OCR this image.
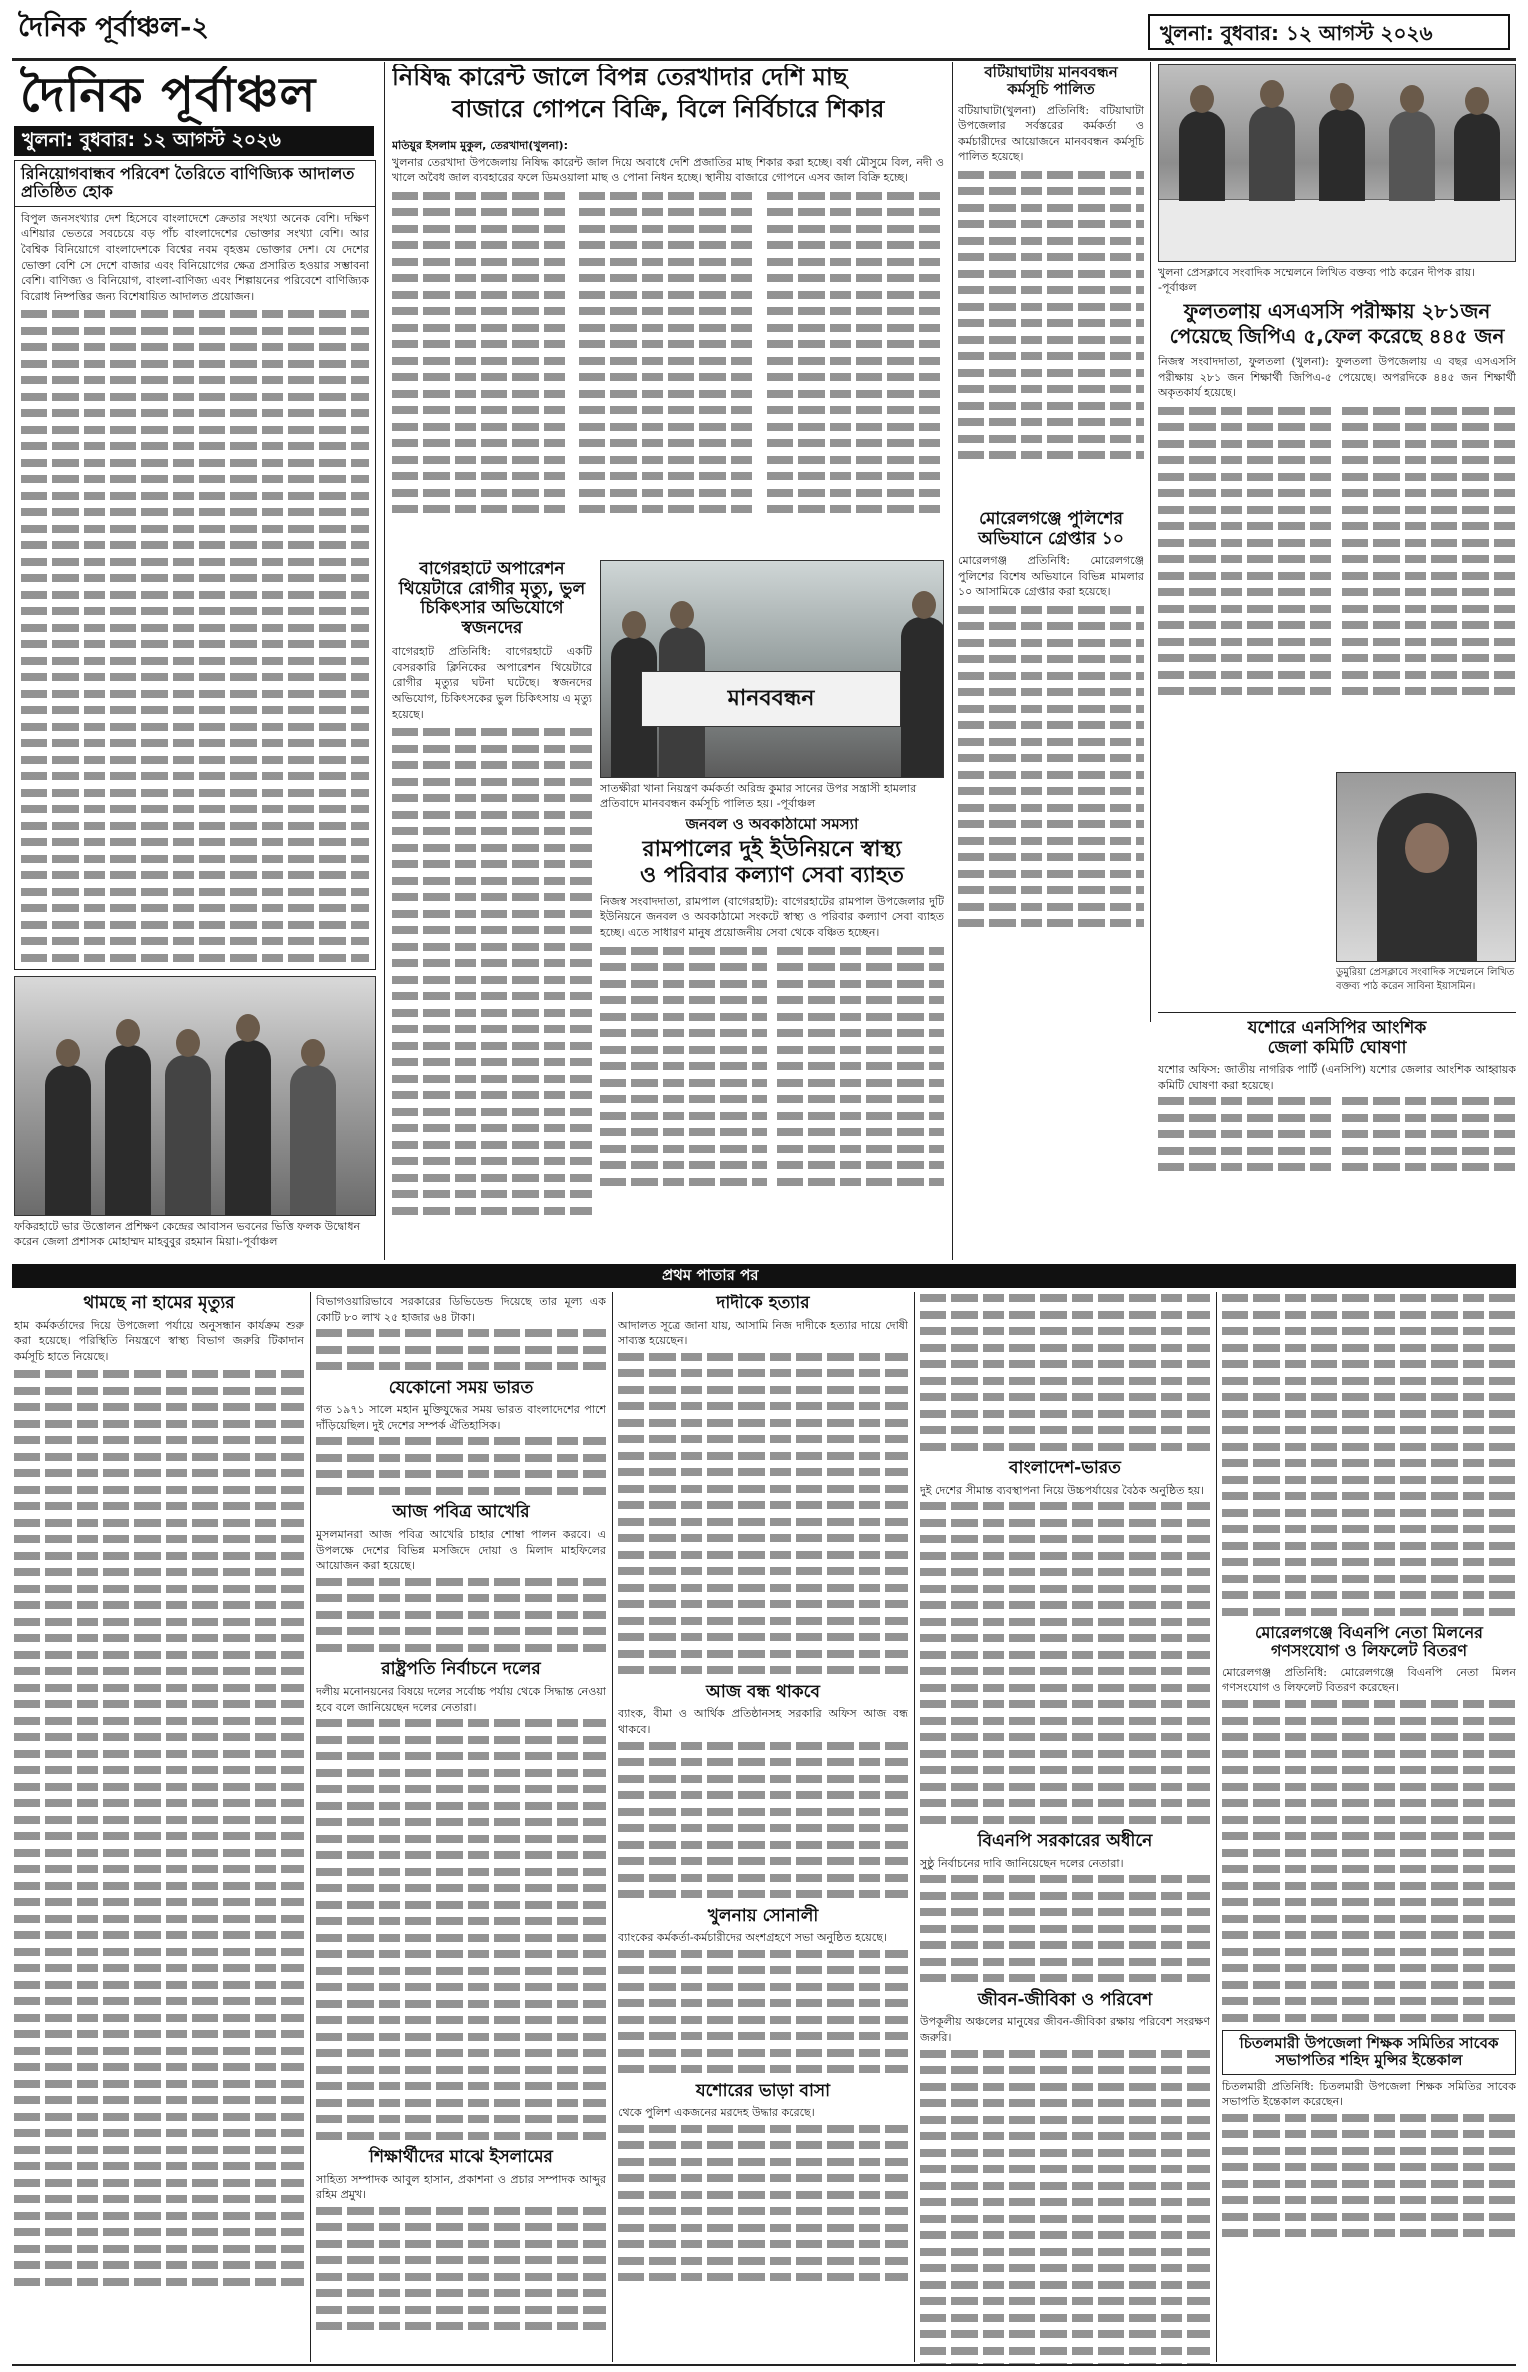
দৈনিক পূর্বাঞ্চল-২	খুলনা: বুধবার: ১২ আগস্ট ২০২৬
দৈনিক পূর্বাঞ্চল
খুলনা: বুধবার: ১২ আগস্ট ২০২৬
রিনিয়োগবান্ধব পরিবেশ তৈরিতে বাণিজ্যিক আদালত প্রতিষ্ঠিত হোক
বিপুল জনসংখ্যার দেশ হিসেবে বাংলাদেশে ক্রেতার সংখ্যা অনেক বেশি। দক্ষিণ এশিয়ার ভেতরে সবচেয়ে বড় পাঁচ বাংলাদেশের ভোক্তার সংখ্যা বেশি। আর বৈশ্বিক বিনিয়োগে বাংলাদেশকে বিশ্বের নবম বৃহত্তম ভোক্তার দেশ। যে দেশের ভোক্তা বেশি সে দেশে বাজার এবং বিনিয়োগের ক্ষেত্র প্রসারিত হওয়ার সম্ভাবনা বেশি। বাণিজ্য ও বিনিয়োগ, বাংলা-বাণিজ্য এবং শিল্পায়নের পরিবেশে বাণিজ্যিক বিরোধ নিষ্পত্তির জন্য বিশেষায়িত আদালত প্রয়োজন।
ফকিরহাটে ভার উত্তোলন প্রশিক্ষণ কেন্দ্রের আবাসন ভবনের ভিত্তি ফলক উদ্বোধন করেন জেলা প্রশাসক মোহাম্মদ মাহবুবুর রহমান মিয়া।-পূর্বাঞ্চল
নিষিদ্ধ কারেন্ট জালে বিপন্ন তেরখাদার দেশি মাছ
বাজারে গোপনে বিক্রি, বিলে নির্বিচারে শিকার
মতিয়ুর ইসলাম মুকুল, তেরখাদা(খুলনা):
খুলনার তেরখাদা উপজেলায় নিষিদ্ধ কারেন্ট জাল দিয়ে অবাধে দেশি প্রজাতির মাছ শিকার করা হচ্ছে। বর্ষা মৌসুমে বিল, নদী ও খালে অবৈধ জাল ব্যবহারের ফলে ডিমওয়ালা মাছ ও পোনা নিধন হচ্ছে। স্থানীয় বাজারে গোপনে এসব জাল বিক্রি হচ্ছে।
বাগেরহাটে অপারেশন
থিয়েটারে রোগীর মৃত্যু, ভুল
চিকিৎসার অভিযোগে স্বজনদের
বাগেরহাট প্রতিনিধি: বাগেরহাটে একটি বেসরকারি ক্লিনিকের অপারেশন থিয়েটারে রোগীর মৃত্যুর ঘটনা ঘটেছে। স্বজনদের অভিযোগ, চিকিৎসকের ভুল চিকিৎসায় এ মৃত্যু হয়েছে।
মানববন্ধন
সাতক্ষীরা খানা নিয়ন্ত্রণ কর্মকর্তা অরিন্দ্র কুমার সানের উপর সন্ত্রাসী হামলার প্রতিবাদে মানববন্ধন কর্মসূচি পালিত হয়। -পূর্বাঞ্চল
জনবল ও অবকাঠামো সমস্যা
রামপালের দুই ইউনিয়নে স্বাস্থ্য
ও পরিবার কল্যাণ সেবা ব্যাহত
নিজস্ব সংবাদদাতা, রামপাল (বাগেরহাট): বাগেরহাটের রামপাল উপজেলার দুটি ইউনিয়নে জনবল ও অবকাঠামো সংকটে স্বাস্থ্য ও পরিবার কল্যাণ সেবা ব্যাহত হচ্ছে। এতে সাধারণ মানুষ প্রয়োজনীয় সেবা থেকে বঞ্চিত হচ্ছেন।
বটিয়াঘাটায় মানববন্ধন
কর্মসূচি পালিত
বটিয়াঘাটা(খুলনা) প্রতিনিধি: বটিয়াঘাটা উপজেলার সর্বস্তরের কর্মকর্তা ও কর্মচারীদের আয়োজনে মানববন্ধন কর্মসূচি পালিত হয়েছে।
মোরেলগঞ্জে পুলিশের
অভিযানে গ্রেপ্তার ১০
মোরেলগঞ্জ প্রতিনিধি: মোরেলগঞ্জে পুলিশের বিশেষ অভিযানে বিভিন্ন মামলার ১০ আসামিকে গ্রেপ্তার করা হয়েছে।
খুলনা প্রেসক্লাবে সংবাদিক সম্মেলনে লিখিত বক্তব্য পাঠ করেন দীপক রায়। -পূর্বাঞ্চল
ফুলতলায় এসএসসি পরীক্ষায় ২৮১জন
পেয়েছে জিপিএ ৫,ফেল করেছে ৪৪৫ জন
নিজস্ব সংবাদদাতা, ফুলতলা (খুলনা): ফুলতলা উপজেলায় এ বছর এসএসসি পরীক্ষায় ২৮১ জন শিক্ষার্থী জিপিএ-৫ পেয়েছে। অপরদিকে ৪৪৫ জন শিক্ষার্থী অকৃতকার্য হয়েছে।
ডুমুরিয়া প্রেসক্লাবে সংবাদিক সম্মেলনে লিখিত বক্তব্য পাঠ করেন সাবিনা ইয়াসমিন।
যশোরে এনসিপির আংশিক
জেলা কমিটি ঘোষণা
যশোর অফিস: জাতীয় নাগরিক পার্টি (এনসিপি) যশোর জেলার আংশিক আহ্বায়ক কমিটি ঘোষণা করা হয়েছে।
প্রথম পাতার পর
থামছে না হামের মৃত্যুর
হাম কর্মকর্তাদের দিয়ে উপজেলা পর্যায়ে অনুসন্ধান কার্যক্রম শুরু করা হয়েছে। পরিস্থিতি নিয়ন্ত্রণে স্বাস্থ্য বিভাগ জরুরি টিকাদান কর্মসূচি হাতে নিয়েছে।
বিভাগওয়ারিভাবে সরকারের ডিভিডেন্ড দিয়েছে তার মূল্য এক কোটি ৮০ লাখ ২৫ হাজার ৬৪ টাকা।
যেকোনো সময় ভারত
গত ১৯৭১ সালে মহান মুক্তিযুদ্ধের সময় ভারত বাংলাদেশের পাশে দাঁড়িয়েছিল। দুই দেশের সম্পর্ক ঐতিহাসিক।
আজ পবিত্র আখেরি
মুসলমানরা আজ পবিত্র আখেরি চাহার শোম্বা পালন করবে। এ উপলক্ষে দেশের বিভিন্ন মসজিদে দোয়া ও মিলাদ মাহফিলের আয়োজন করা হয়েছে।
রাষ্ট্রপতি নির্বাচনে দলের
দলীয় মনোনয়নের বিষয়ে দলের সর্বোচ্চ পর্যায় থেকে সিদ্ধান্ত নেওয়া হবে বলে জানিয়েছেন দলের নেতারা।
শিক্ষার্থীদের মাঝে ইসলামের
সাহিত্য সম্পাদক আবুল হাসান, প্রকাশনা ও প্রচার সম্পাদক আব্দুর রহিম প্রমুখ।
দাদীকে হত্যার
আদালত সূত্রে জানা যায়, আসামি নিজ দাদীকে হত্যার দায়ে দোষী সাব্যস্ত হয়েছেন।
আজ বন্ধ থাকবে
ব্যাংক, বীমা ও আর্থিক প্রতিষ্ঠানসহ সরকারি অফিস আজ বন্ধ থাকবে।
খুলনায় সোনালী
ব্যাংকের কর্মকর্তা-কর্মচারীদের অংশগ্রহণে সভা অনুষ্ঠিত হয়েছে।
যশোরের ভাড়া বাসা
থেকে পুলিশ একজনের মরদেহ উদ্ধার করেছে।
বাংলাদেশ-ভারত
দুই দেশের সীমান্ত ব্যবস্থাপনা নিয়ে উচ্চপর্যায়ের বৈঠক অনুষ্ঠিত হয়।
বিএনপি সরকারের অধীনে
সুষ্ঠু নির্বাচনের দাবি জানিয়েছেন দলের নেতারা।
জীবন-জীবিকা ও পরিবেশ
উপকূলীয় অঞ্চলের মানুষের জীবন-জীবিকা রক্ষায় পরিবেশ সংরক্ষণ জরুরি।
মোরেলগঞ্জে বিএনপি নেতা মিলনের
গণসংযোগ ও লিফলেট বিতরণ
মোরেলগঞ্জ প্রতিনিধি: মোরেলগঞ্জে বিএনপি নেতা মিলন গণসংযোগ ও লিফলেট বিতরণ করেছেন।
চিতলমারী উপজেলা শিক্ষক সমিতির সাবেক
সভাপতির শহিদ মুন্সির ইন্তেকাল
চিতলমারী প্রতিনিধি: চিতলমারী উপজেলা শিক্ষক সমিতির সাবেক সভাপতি ইন্তেকাল করেছেন।
